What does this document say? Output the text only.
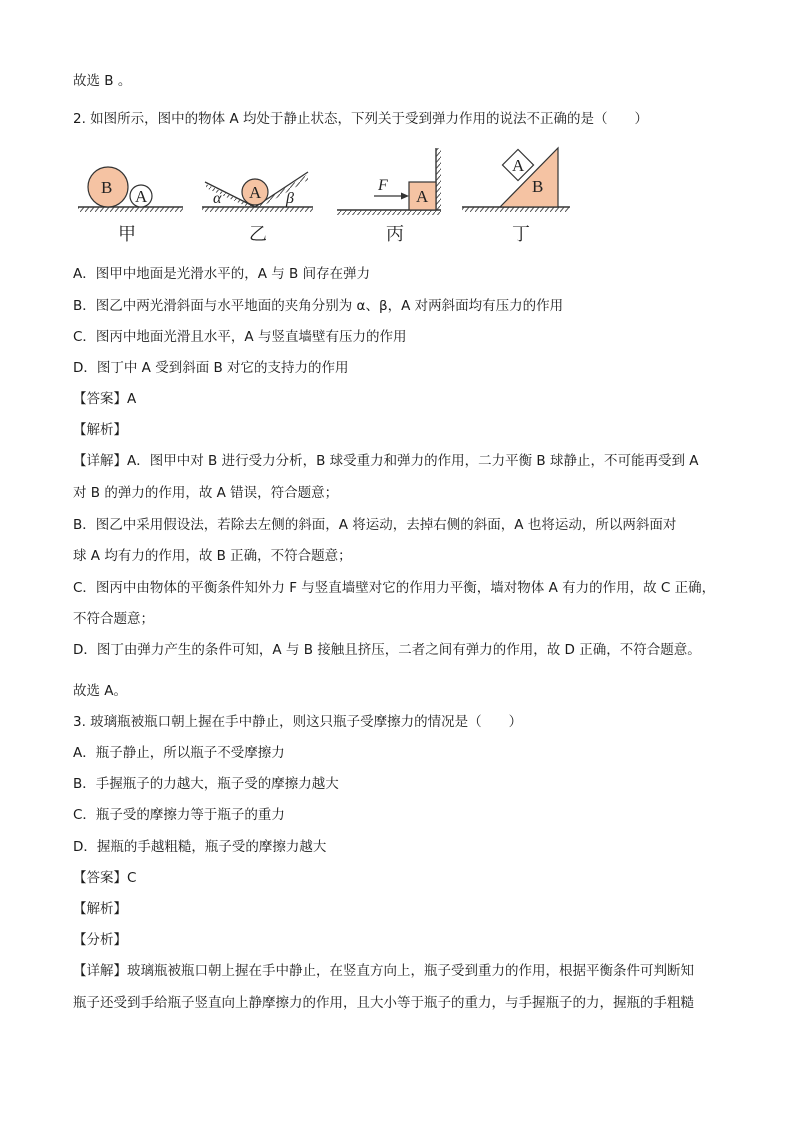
故选 B 。
2. 如图所示，图中的物体 A 均处于静止状态，下列关于受到弹力作用的说法不正确的是（　　）
B A
甲
A
α	β
乙
A
F
丙
A
B
丁
A．图甲中地面是光滑水平的，A 与 B 间存在弹力
B．图乙中两光滑斜面与水平地面的夹角分别为 α、β，A 对两斜面均有压力的作用
C．图丙中地面光滑且水平，A 与竖直墙壁有压力的作用
D．图丁中 A 受到斜面 B 对它的支持力的作用
【答案】A
【解析】
【详解】A．图甲中对 B 进行受力分析，B 球受重力和弹力的作用，二力平衡 B 球静止，不可能再受到 A
对 B 的弹力的作用，故 A 错误，符合题意；
B．图乙中采用假设法，若除去左侧的斜面，A 将运动，去掉右侧的斜面，A 也将运动，所以两斜面对
球 A 均有力的作用，故 B 正确，不符合题意；
C．图丙中由物体的平衡条件知外力 F 与竖直墙壁对它的作用力平衡，墙对物体 A 有力的作用，故 C 正确，
不符合题意；
D．图丁由弹力产生的条件可知，A 与 B 接触且挤压，二者之间有弹力的作用，故 D 正确，不符合题意。
故选 A。
3. 玻璃瓶被瓶口朝上握在手中静止，则这只瓶子受摩擦力的情况是（　　）
A．瓶子静止，所以瓶子不受摩擦力
B．手握瓶子的力越大，瓶子受的摩擦力越大
C．瓶子受的摩擦力等于瓶子的重力
D．握瓶的手越粗糙，瓶子受的摩擦力越大
【答案】C
【解析】
【分析】
【详解】玻璃瓶被瓶口朝上握在手中静止，在竖直方向上，瓶子受到重力的作用，根据平衡条件可判断知
瓶子还受到手给瓶子竖直向上静摩擦力的作用，且大小等于瓶子的重力，与手握瓶子的力，握瓶的手粗糙
